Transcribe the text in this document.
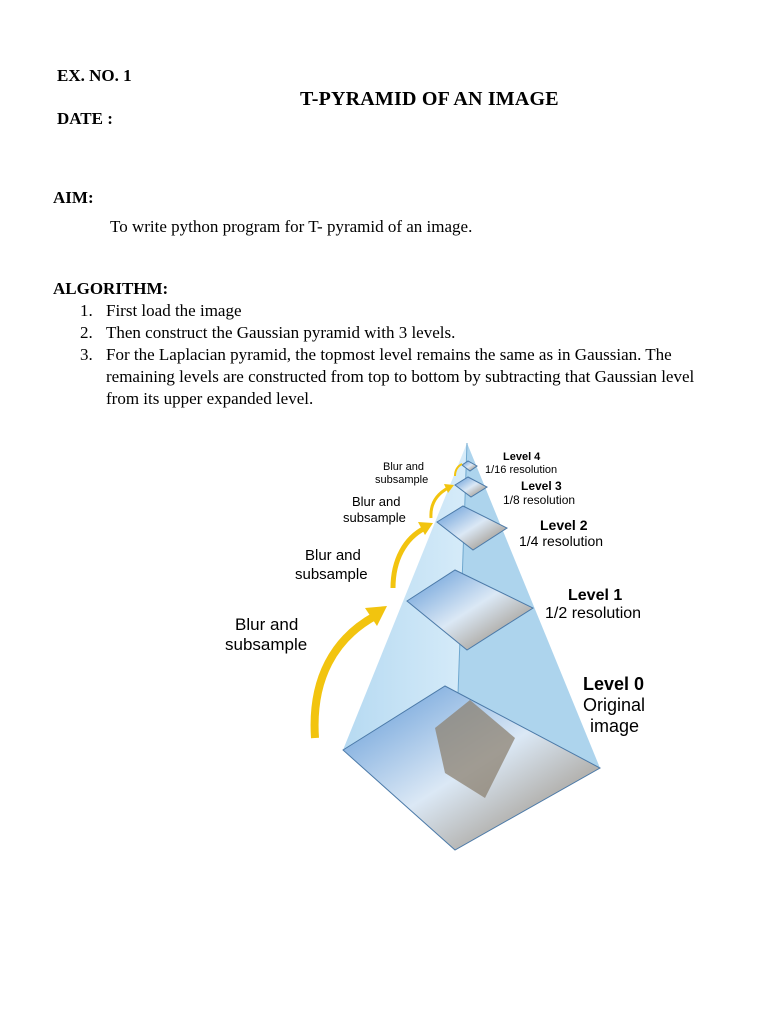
EX. NO. 1
DATE :
T-PYRAMID OF AN IMAGE
AIM:
To write python program for T- pyramid of an image.
ALGORITHM:
1. First load the image
2. Then construct the Gaussian pyramid with 3 levels.
3. For the Laplacian pyramid, the topmost level remains the same as in Gaussian. The remaining levels are constructed from top to bottom by subtracting that Gaussian level from its upper expanded level.
Blur and
subsample
Blur and
subsample
Blur and
subsample
Blur and
subsample
Level 4
1/16 resolution
Level 3
1/8 resolution
Level 2
1/4 resolution
Level 1
1/2 resolution
Level 0
Original
image
